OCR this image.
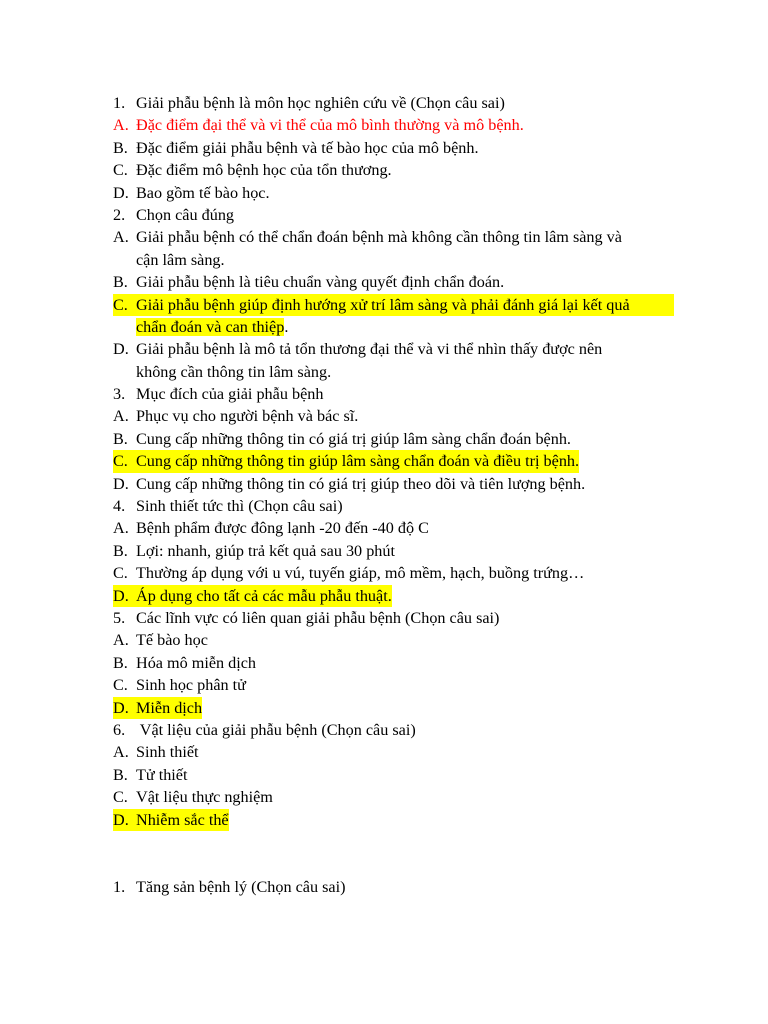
1. Giải phẫu bệnh là môn học nghiên cứu về (Chọn câu sai)
A. Đặc điểm đại thể và vi thể của mô bình thường và mô bệnh.
B. Đặc điểm giải phẫu bệnh và tế bào học của mô bệnh.
C. Đặc điểm mô bệnh học của tổn thương.
D. Bao gồm tế bào học.
2. Chọn câu đúng
A. Giải phẫu bệnh có thể chẩn đoán bệnh mà không cần thông tin lâm sàng và
cận lâm sàng.
B. Giải phẫu bệnh là tiêu chuẩn vàng quyết định chẩn đoán.
C. Giải phẫu bệnh giúp định hướng xử trí lâm sàng và phải đánh giá lại kết quả
chẩn đoán và can thiệp.
D. Giải phẫu bệnh là mô tả tổn thương đại thể và vi thể nhìn thấy được nên
không cần thông tin lâm sàng.
3. Mục đích của giải phẫu bệnh
A. Phục vụ cho người bệnh và bác sĩ.
B. Cung cấp những thông tin có giá trị giúp lâm sàng chẩn đoán bệnh.
C. Cung cấp những thông tin giúp lâm sàng chẩn đoán và điều trị bệnh.
D. Cung cấp những thông tin có giá trị giúp theo dõi và tiên lượng bệnh.
4. Sinh thiết tức thì (Chọn câu sai)
A. Bệnh phẩm được đông lạnh -20 đến -40 độ C
B. Lợi: nhanh, giúp trả kết quả sau 30 phút
C. Thường áp dụng với u vú, tuyến giáp, mô mềm, hạch, buồng trứng…
D. Áp dụng cho tất cả các mẫu phẫu thuật.
5. Các lĩnh vực có liên quan giải phẫu bệnh (Chọn câu sai)
A. Tế bào học
B. Hóa mô miễn dịch
C. Sinh học phân tử
D. Miễn dịch
6. Vật liệu của giải phẫu bệnh (Chọn câu sai)
A. Sinh thiết
B. Tử thiết
C. Vật liệu thực nghiệm
D. Nhiễm sắc thể
1. Tăng sản bệnh lý (Chọn câu sai)
